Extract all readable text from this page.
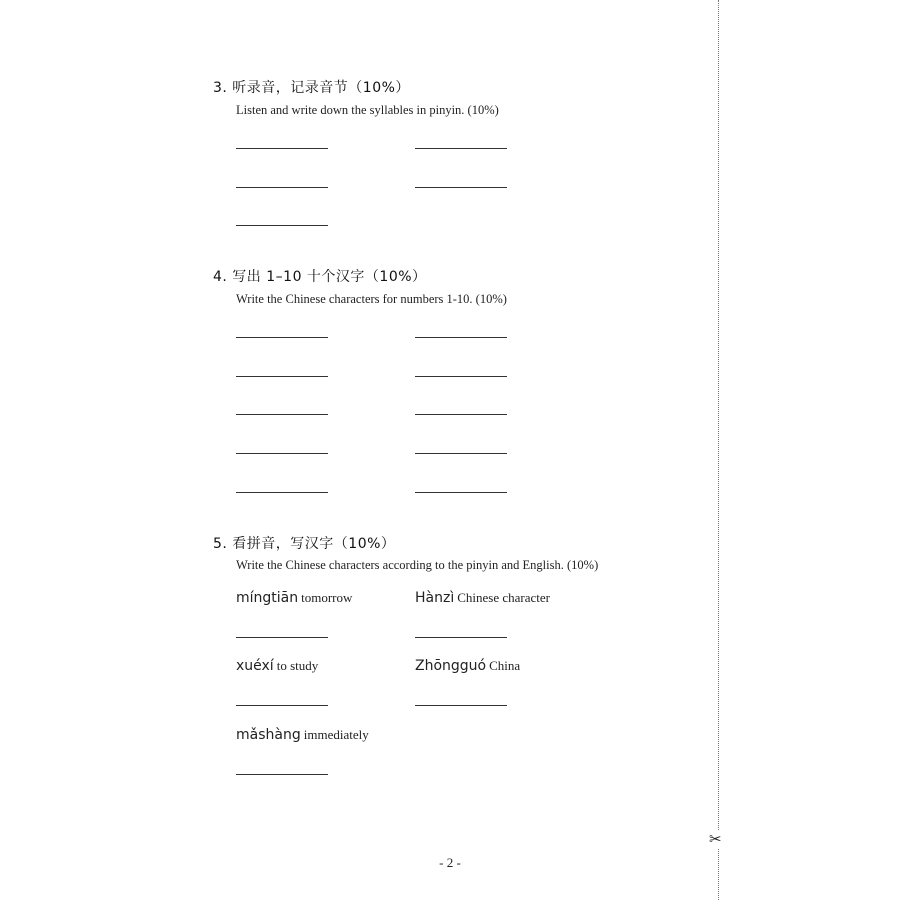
3. 听录音，记录音节（10%）
Listen and write down the syllables in pinyin. (10%)
4. 写出 1–10 十个汉字（10%）
Write the Chinese characters for numbers 1-10. (10%)
5. 看拼音，写汉字（10%）
Write the Chinese characters according to the pinyin and English. (10%)
míngtiān tomorrow	Hànzì Chinese character
xuéxí to study	Zhōngguó China
mǎshàng immediately
✂
- 2 -
